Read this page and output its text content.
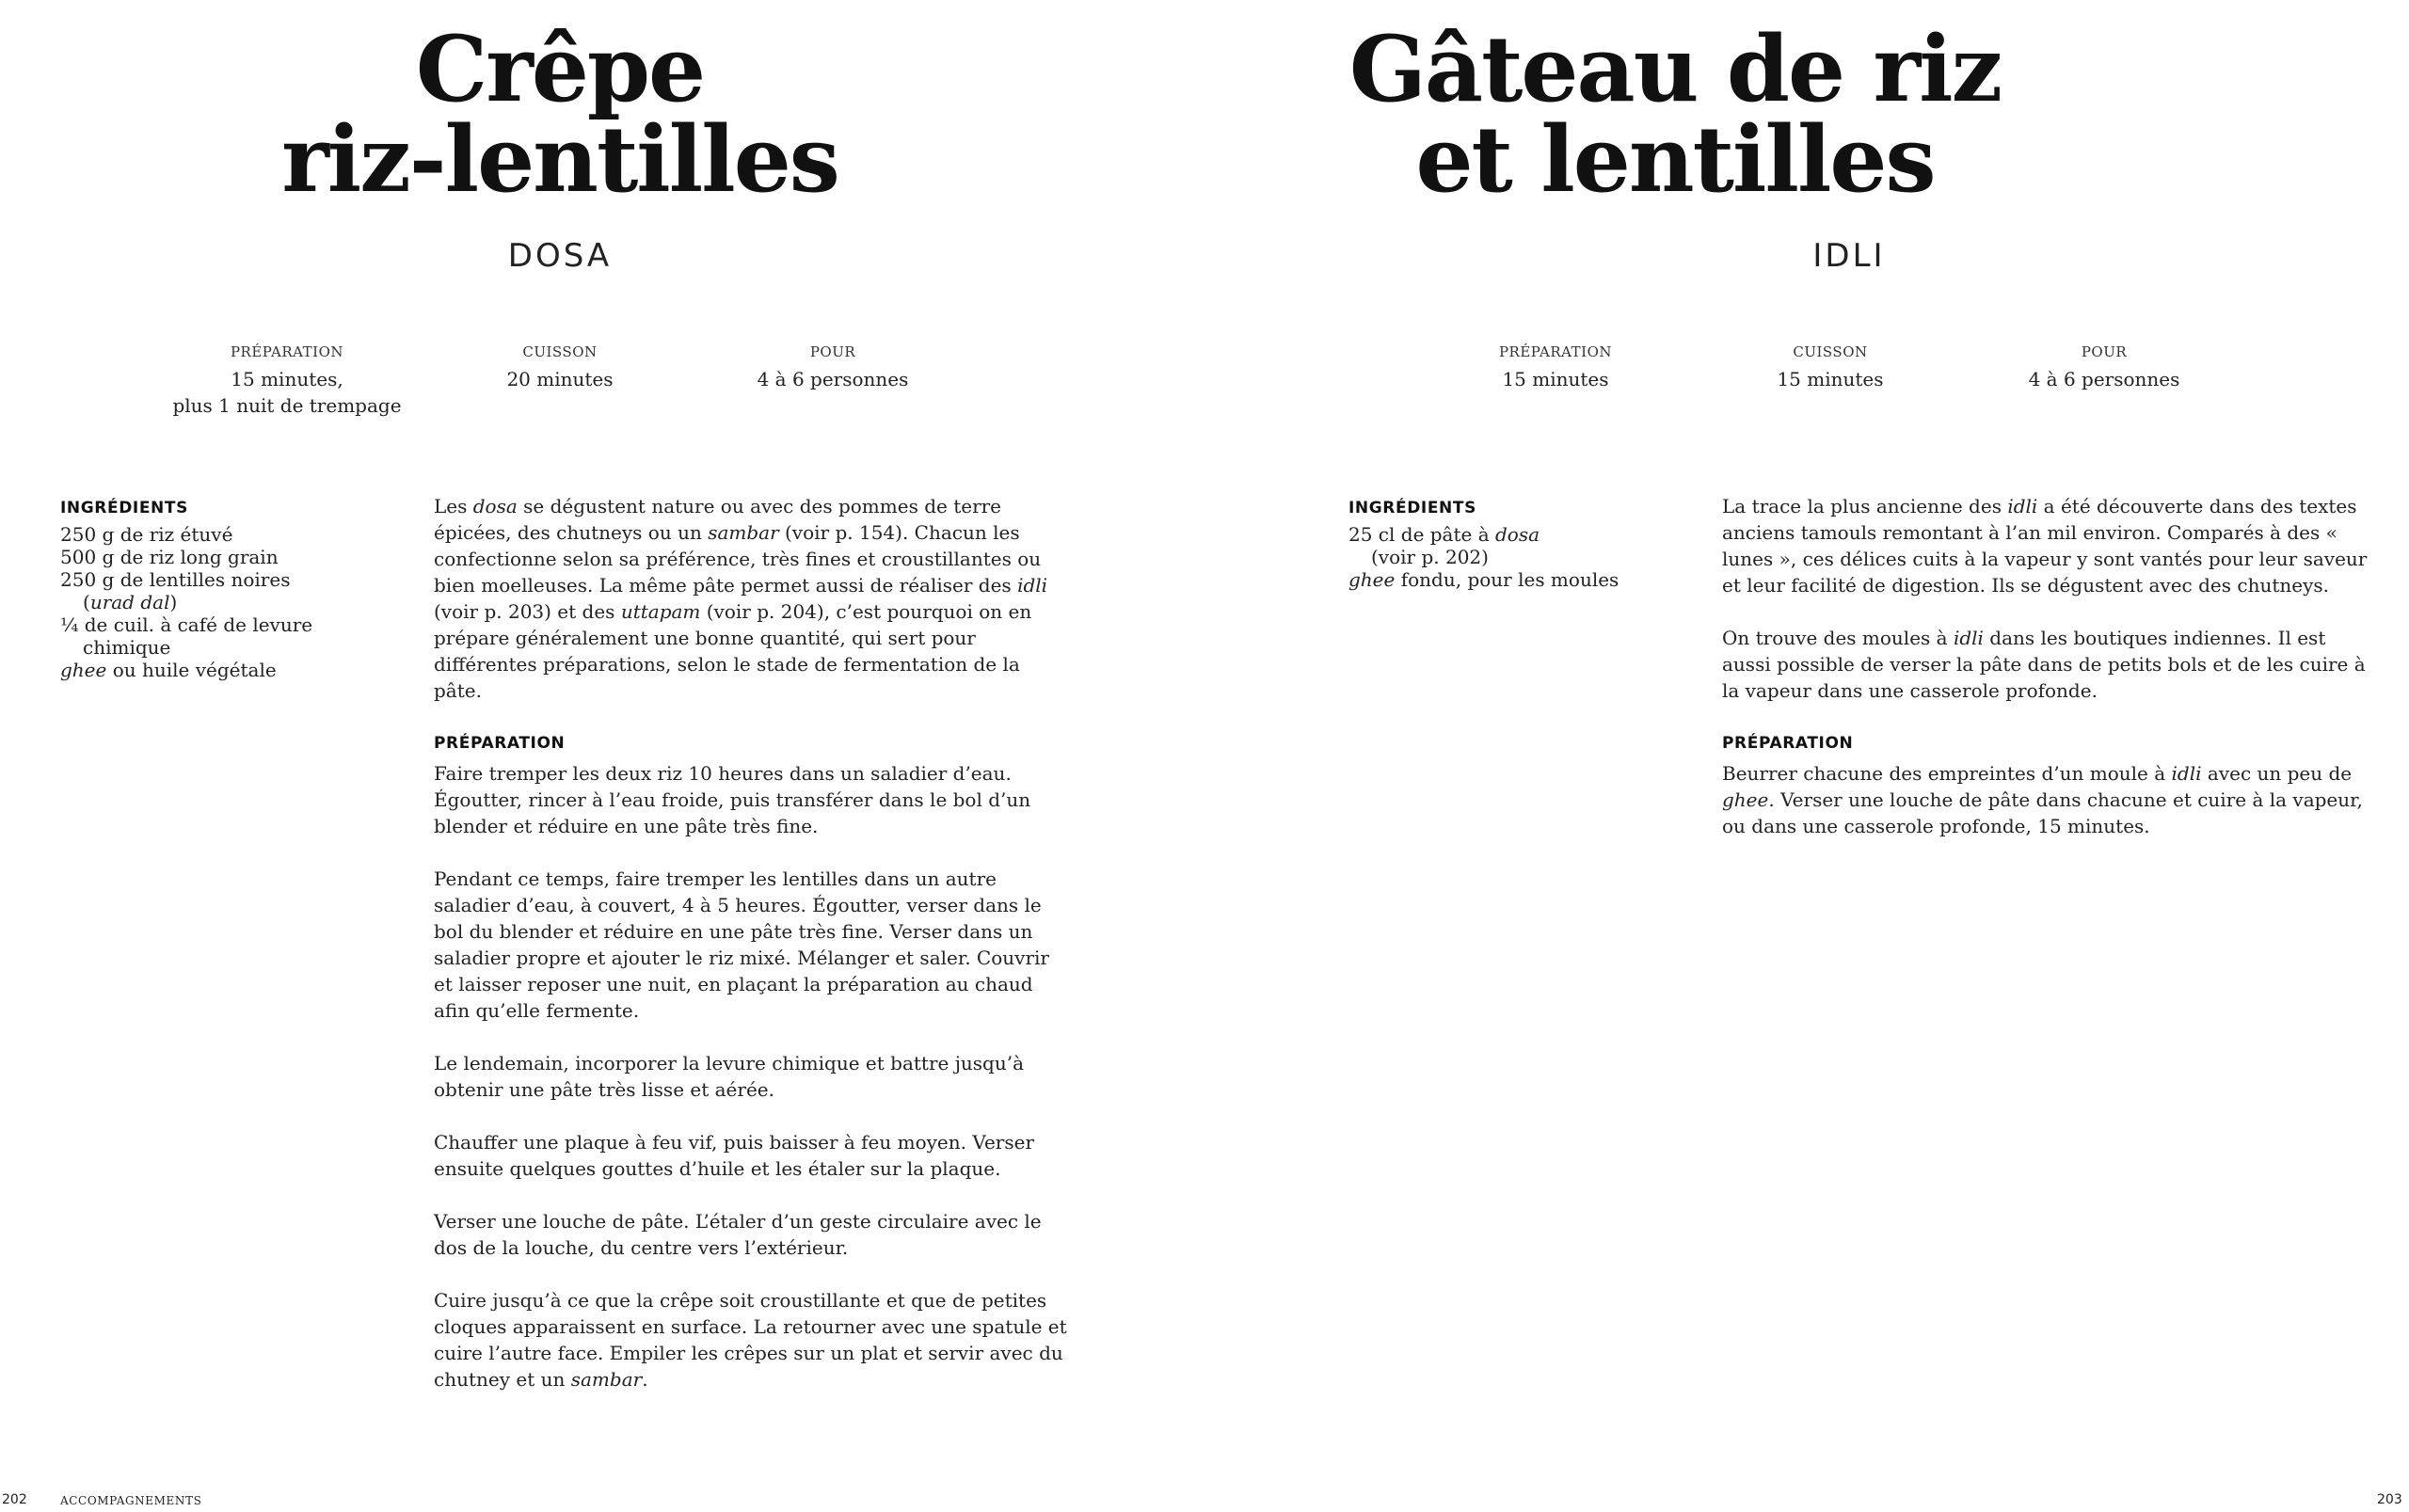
Crêpe
riz-lentilles
DOSA
PRÉPARATION
15 minutes,
plus 1 nuit de trempage
CUISSON
20 minutes
POUR
4 à 6 personnes
INGRÉDIENTS
250 g de riz étuvé
500 g de riz long grain
250 g de lentilles noires
(urad dal)
¼ de cuil. à café de levure
chimique
ghee ou huile végétale

Les dosa se dégustent nature ou avec des pommes de terre épicées, des chutneys ou un sambar (voir p. 154). Chacun les confectionne selon sa préférence, très fines et croustillantes ou bien moelleuses. La même pâte permet aussi de réaliser des idli (voir p. 203) et des uttapam (voir p. 204), c’est pourquoi on en prépare généralement une bonne quantité, qui sert pour différentes préparations, selon le stade de fermentation de la pâte.

PRÉPARATION

Faire tremper les deux riz 10 heures dans un saladier d’eau. Égoutter, rincer à l’eau froide, puis transférer dans le bol d’un blender et réduire en une pâte très fine.

Pendant ce temps, faire tremper les lentilles dans un autre saladier d’eau, à couvert, 4 à 5 heures. Égoutter, verser dans le bol du blender et réduire en une pâte très fine. Verser dans un saladier propre et ajouter le riz mixé. Mélanger et saler. Couvrir et laisser reposer une nuit, en plaçant la préparation au chaud afin qu’elle fermente.

Le lendemain, incorporer la levure chimique et battre jusqu’à obtenir une pâte très lisse et aérée.

Chauffer une plaque à feu vif, puis baisser à feu moyen. Verser ensuite quelques gouttes d’huile et les étaler sur la plaque.

Verser une louche de pâte. L’étaler d’un geste circulaire avec le dos de la louche, du centre vers l’extérieur.

Cuire jusqu’à ce que la crêpe soit croustillante et que de petites cloques apparaissent en surface. La retourner avec une spatule et cuire l’autre face. Empiler les crêpes sur un plat et servir avec du chutney et un sambar.

202	ACCOMPAGNEMENTS
Gâteau de riz
et lentilles
IDLI
PRÉPARATION
15 minutes
CUISSON
15 minutes
POUR
4 à 6 personnes
INGRÉDIENTS
25 cl de pâte à dosa
(voir p. 202)
ghee fondu, pour les moules

La trace la plus ancienne des idli a été découverte dans des textes anciens tamouls remontant à l’an mil environ. Comparés à des « lunes », ces délices cuits à la vapeur y sont vantés pour leur saveur et leur facilité de digestion. Ils se dégustent avec des chutneys.

On trouve des moules à idli dans les boutiques indiennes. Il est aussi possible de verser la pâte dans de petits bols et de les cuire à la vapeur dans une casserole profonde.

PRÉPARATION

Beurrer chacune des empreintes d’un moule à idli avec un peu de ghee. Verser une louche de pâte dans chacune et cuire à la vapeur, ou dans une casserole profonde, 15 minutes.

203
